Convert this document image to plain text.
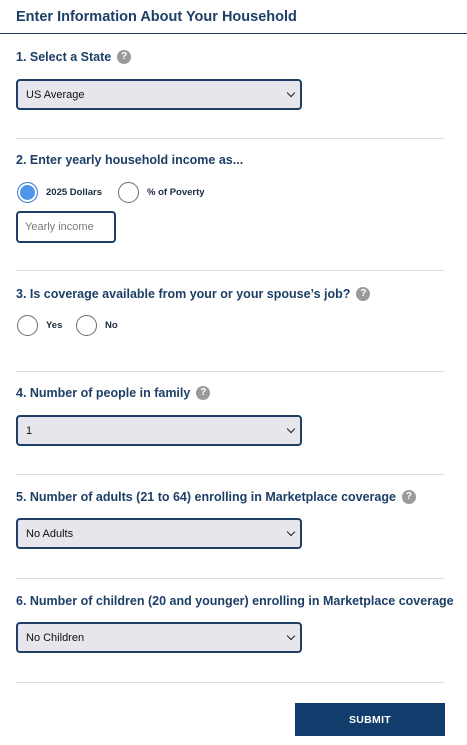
Enter Information About Your Household
1. Select a State ?
US Average
2. Enter yearly household income as...
2025 Dollars	% of Poverty
Yearly income
3. Is coverage available from your or your spouse’s job? ?
Yes	No
4. Number of people in family ?
1
5. Number of adults (21 to 64) enrolling in Marketplace coverage ?
No Adults
6. Number of children (20 and younger) enrolling in Marketplace coverage
No Children
SUBMIT
